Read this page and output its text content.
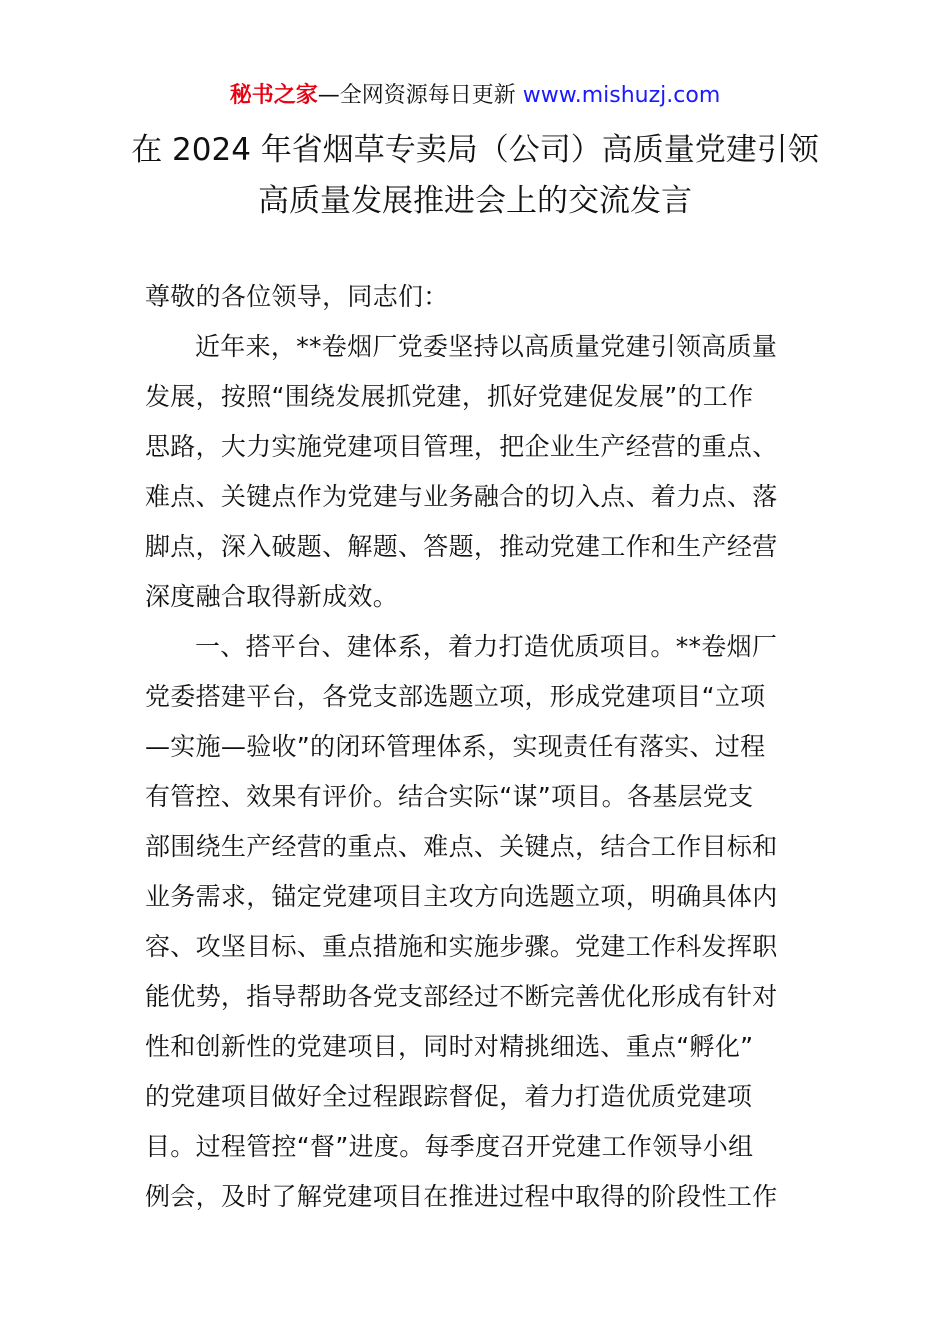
秘书之家—全网资源每日更新 www.mishuzj.com
在 2024 年省烟草专卖局（公司）高质量党建引领
高质量发展推进会上的交流发言
尊敬的各位领导，同志们：
近年来，**卷烟厂党委坚持以高质量党建引领高质量
发展，按照“围绕发展抓党建，抓好党建促发展”的工作
思路，大力实施党建项目管理，把企业生产经营的重点、
难点、关键点作为党建与业务融合的切入点、着力点、落
脚点，深入破题、解题、答题，推动党建工作和生产经营
深度融合取得新成效。
一、搭平台、建体系，着力打造优质项目。**卷烟厂
党委搭建平台，各党支部选题立项，形成党建项目“立项
—实施—验收”的闭环管理体系，实现责任有落实、过程
有管控、效果有评价。结合实际“谋”项目。各基层党支
部围绕生产经营的重点、难点、关键点，结合工作目标和
业务需求，锚定党建项目主攻方向选题立项，明确具体内
容、攻坚目标、重点措施和实施步骤。党建工作科发挥职
能优势，指导帮助各党支部经过不断完善优化形成有针对
性和创新性的党建项目，同时对精挑细选、重点“孵化”
的党建项目做好全过程跟踪督促，着力打造优质党建项
目。过程管控“督”进度。每季度召开党建工作领导小组
例会，及时了解党建项目在推进过程中取得的阶段性工作
